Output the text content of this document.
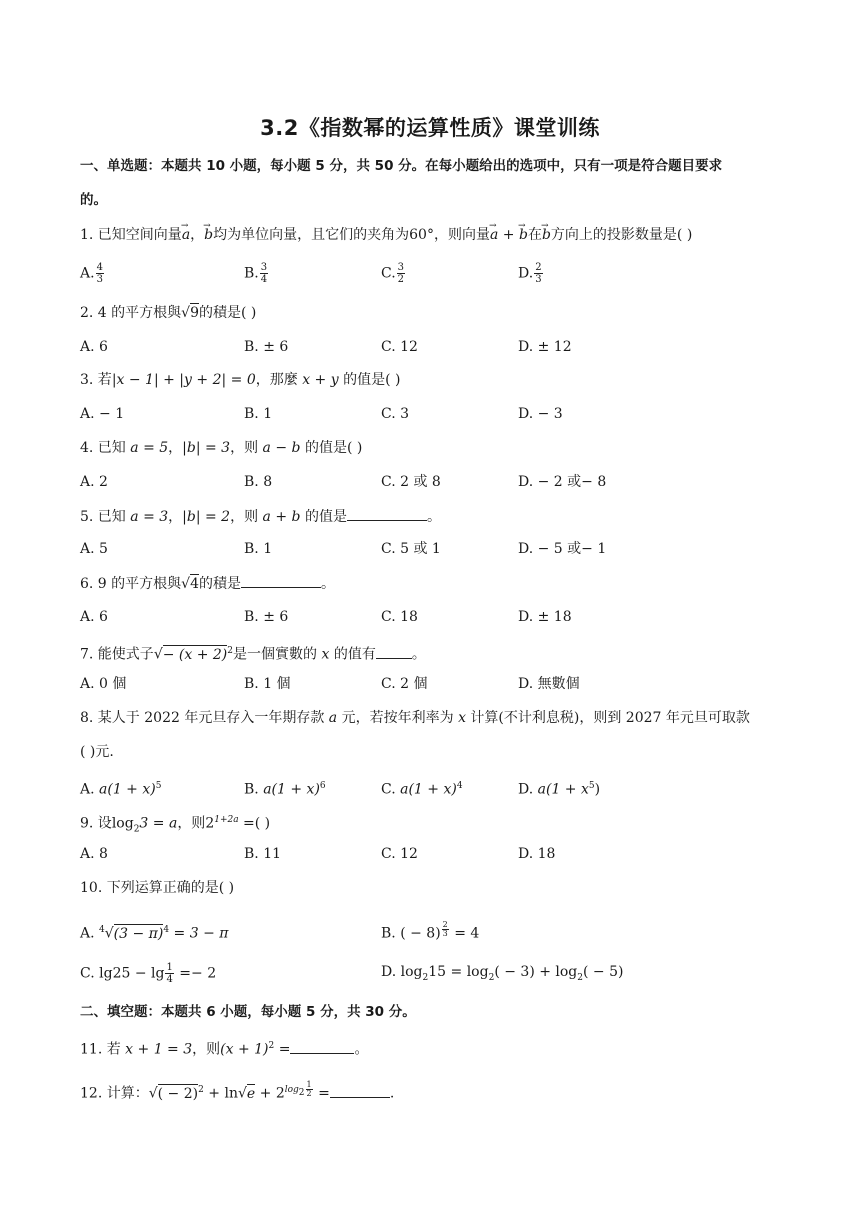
3.2《指数幂的运算性质》课堂训练
一、单选题：本题共 10 小题，每小题 5 分，共 50 分。在每小题给出的选项中，只有一项是符合题目要求
的。
1. 已知空间向量→ a，→ b均为单位向量，且它们的夹角为60°，则向量→ a + → b在→ b方向上的投影数量是( )
A. $\frac{4}{3}$	B. $\frac{3}{4}$	C. $\frac{3}{2}$	D. $\frac{2}{3}$
2. 4 的平方根與√9的積是( )
A. 6	B. ± 6	C. 12	D. ± 12
3. 若|x − 1| + |y + 2| = 0，那麼 x + y 的值是( )
A. − 1	B. 1	C. 3	D. − 3
4. 已知 a = 5，|b| = 3，则 a − b 的值是( )
A. 2	B. 8	C. 2 或 8	D. − 2 或− 8
5. 已知 a = 3，|b| = 2，则 a + b 的值是	。
A. 5	B. 1	C. 5 或 1	D. − 5 或− 1
6. 9 的平方根與√4的積是	。
A. 6	B. ± 6	C. 18	D. ± 18
7. 能使式子√− $(x + 2)^2$是一個實數的 x 的值有	。
A. 0 個	B. 1 個	C. 2 個	D. 無數個
8. 某人于 2022 年元旦存入一年期存款 a 元，若按年利率为 x 计算(不计利息税)，则到 2027 年元旦可取款
( )元.
A. $a(1 + x)^5$	B. $a(1 + x)^6$	C. $a(1 + x)^4$	D. $a(1 + x^5)$
9. 设$\log_23 = a$，则$2^{1+2a}$ =( )
A. 8	B. 11	C. 12	D. 18
10. 下列运算正确的是( )
A. $^4√(3 - \pi)^4 = 3 - \pi$	B. ( − 8) $^{\frac{2}{3}}$ = 4
C. $\lg 25 - \lg \frac{1}{4} =- 2$	D. $\log_215 = \log_2( - 3) + \log_2( - 5)$
二、填空题：本题共 6 小题，每小题 5 分，共 30 分。
11. 若 x + 1 = 3，则$(x + 1)^2$ =	。
12. 计算：√( − $2)^2 + \ln√e + 2^{log_2 \frac{1}{2}}$ =	.
